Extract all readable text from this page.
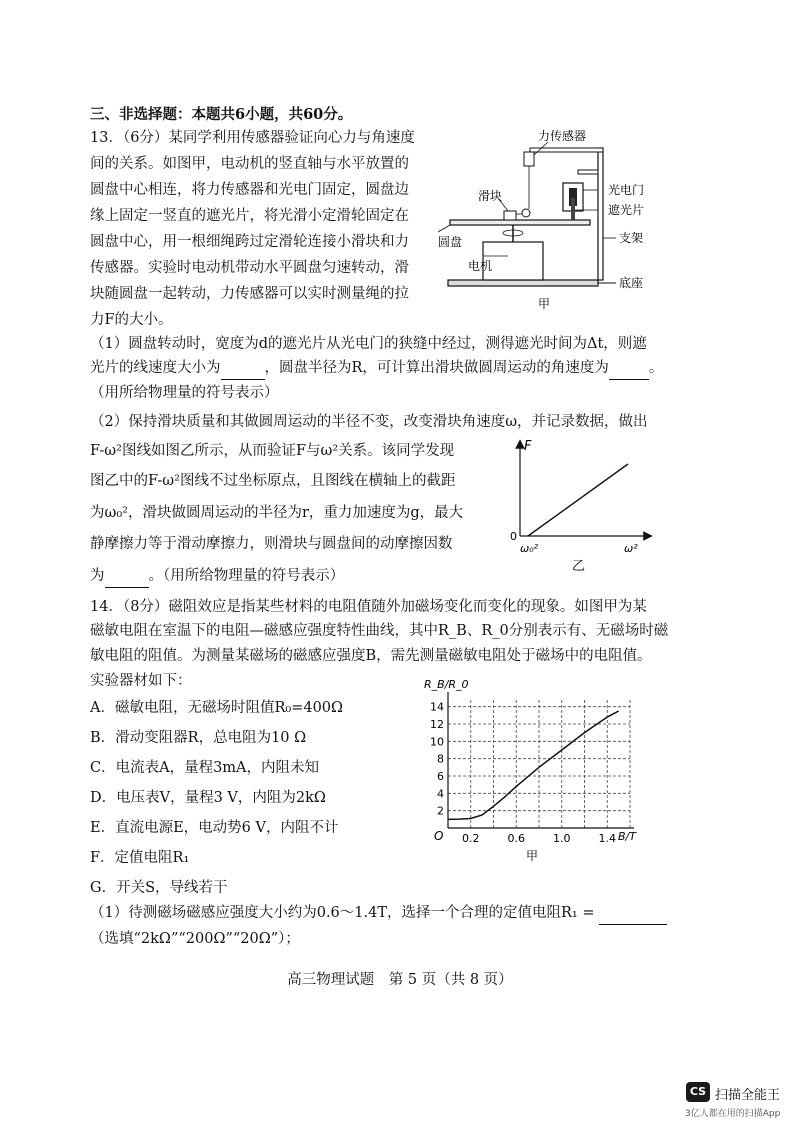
三、非选择题：本题共6小题，共60分。
13．（6分）某同学利用传感器验证向心力与角速度
间的关系。如图甲，电动机的竖直轴与水平放置的
圆盘中心相连，将力传感器和光电门固定，圆盘边
缘上固定一竖直的遮光片，将光滑小定滑轮固定在
圆盘中心，用一根细绳跨过定滑轮连接小滑块和力
传感器。实验时电动机带动水平圆盘匀速转动，滑
块随圆盘一起转动，力传感器可以实时测量绳的拉
力F的大小。
力传感器
光电门
遮光片
滑块
圆盘	支架
电机
底座
甲
（1）圆盘转动时，宽度为d的遮光片从光电门的狭缝中经过，测得遮光时间为Δt，则遮
光片的线速度大小为	，圆盘半径为R，可计算出滑块做圆周运动的角速度为	。
（用所给物理量的符号表示）
（2）保持滑块质量和其做圆周运动的半径不变，改变滑块角速度ω，并记录数据，做出
F-ω²图线如图乙所示，从而验证F与ω²关系。该同学发现
图乙中的F-ω²图线不过坐标原点，且图线在横轴上的截距
为ω₀²，滑块做圆周运动的半径为r，重力加速度为g，最大
静摩擦力等于滑动摩擦力，则滑块与圆盘间的动摩擦因数
为	。（用所给物理量的符号表示）
F
0
ω₀²	ω²
乙
14．（8分）磁阻效应是指某些材料的电阻值随外加磁场变化而变化的现象。如图甲为某
磁敏电阻在室温下的电阻—磁感应强度特性曲线，其中R_B、R_0分别表示有、无磁场时磁
敏电阻的阻值。为测量某磁场的磁感应强度B，需先测量磁敏电阻处于磁场中的电阻值。
实验器材如下：
A．磁敏电阻，无磁场时阻值R₀=400Ω
B．滑动变阻器R，总电阻为10 Ω
C．电流表A，量程3mA，内阻未知
D．电压表V，量程3 V，内阻为2kΩ
E．直流电源E，电动势6 V，内阻不计
F．定值电阻R₁
G．开关S，导线若干
2
4
6
8
10
12
14
0.2	0.6	1.0	1.4
R_B/R_0
B/T
O
甲
（1）待测磁场磁感应强度大小约为0.6～1.4T，选择一个合理的定值电阻R₁ =
（选填“2kΩ”“200Ω”“20Ω”）；
高三物理试题　第 5 页（共 8 页）
CS 扫描全能王
3亿人都在用的扫描App
